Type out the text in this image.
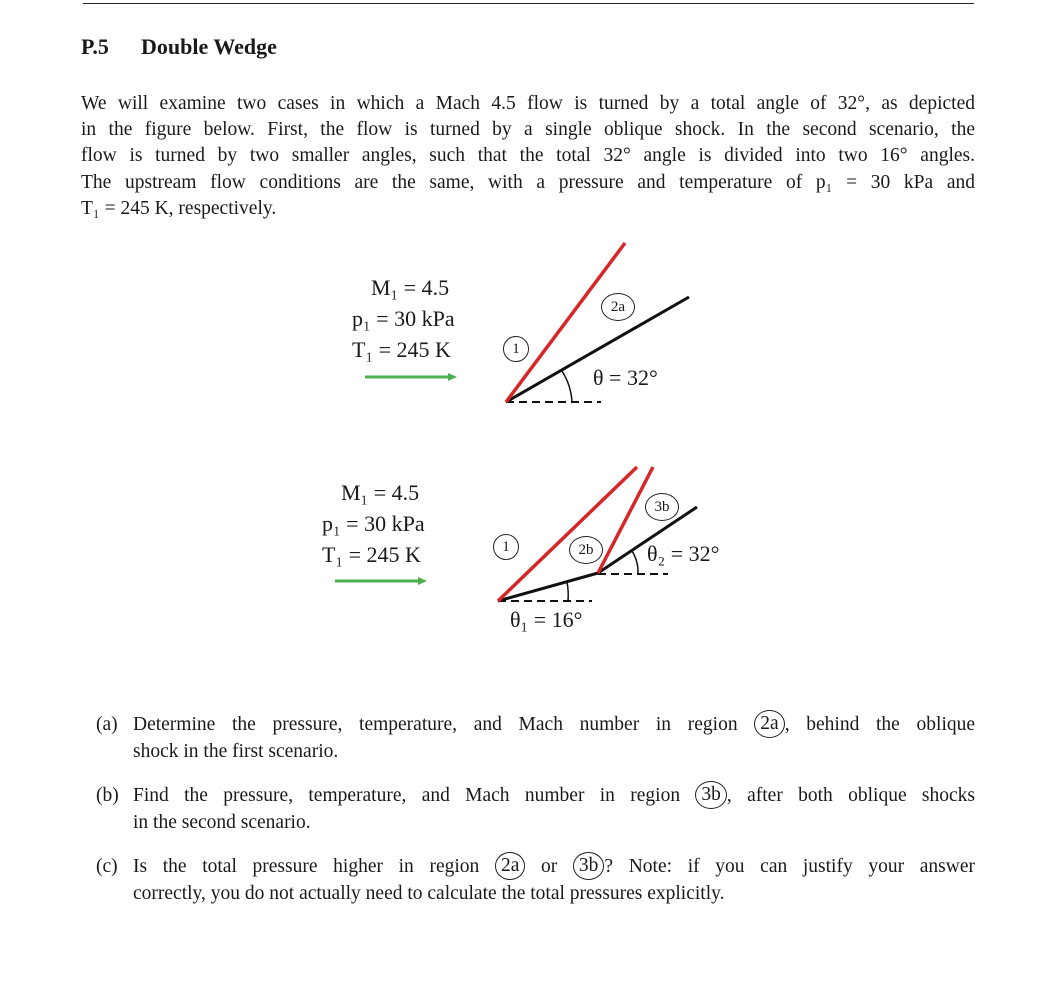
P.5 Double Wedge
We will examine two cases in which a Mach 4.5 flow is turned by a total angle of 32°, as depicted
in the figure below. First, the flow is turned by a single oblique shock. In the second scenario, the
flow is turned by two smaller angles, such that the total 32° angle is divided into two 16° angles.
The upstream flow conditions are the same, with a pressure and temperature of p₁ = 30 kPa and
T₁ = 245 K, respectively.
M₁ = 4.5
p₁ = 30 kPa
T₁ = 245 K	1
2a
θ = 32°
M₁ = 4.5
p₁ = 30 kPa
T₁ = 245 K	1	2b
3b
θ₂ = 32°
θ₁ = 16°
(a) Determine the pressure, temperature, and Mach number in region 2a , behind the oblique
shock in the first scenario.
(b) Find the pressure, temperature, and Mach number in region 3b , after both oblique shocks
in the second scenario.
(c) Is the total pressure higher in region 2a or 3b ? Note: if you can justify your answer
correctly, you do not actually need to calculate the total pressures explicitly.
